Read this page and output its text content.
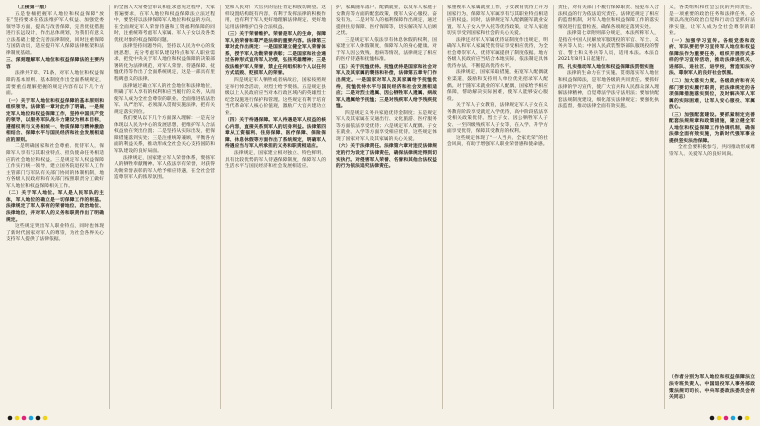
（上接第一版）

五是卷桶把握军人地位和权益保障“放在”坚持要求在依法维护军人权益、加强党委领导等方面，提高与改善保障，完善优抚措施进行长远设计，作出总体规划，为我们有意义立法基础上健全完善法律制度，同时注重保障与国防动员，适应提升军人保障法律框架和法律制度基础。

三、深刻理解军人地位和权益保障法的主要内容

法律共7章、71条，对军人地位和权益保障的基本原则、基本制度作出全面系统规定，需要重点理解把握的规定内容有以下几个方面。

（一）关于军人地位和权益保障的基本原则和组织领导。法律第一章对此作了明确。一是规定军人地位和权益保障工作，坚持中国共产党的领导，以服务军队战斗力建设为根本目标，遵循权利与义务相统一、物质保障与精神激励相结合、保障水平与国民经济和社会发展相适应的原则。

二是明确国家和社会尊重、优待军人，保障军人享有与其职业特点、担负使命任务相适应的社会地位和权益。三是规定军人权益保障工作实行统一领导，建立国务院退役军人工作主管部门与军队有关部门协同的体制机制，地方各级人民政府和有关部门按照职责分工做好军人地位和权益保障相关工作。

（二）关于军人地位。军人是人民军队的主体，军人地位的确立是一切保障工作的根基。法律规定了军人享有的荣誉地位、政治地位、法律地位，并对军人的义务和职责作出了明确规定。

这些规定突出军人职业特点，同时也体现了新时代国家对军人的尊崇，为社会各界关心支持军人提供了法律依据。

的全国人大常委会审议和征求意见过程中，大家普遍要求，在军人地位和权益保障法立法过程中，要坚持以法律保障军人地位和权益的方向，在全面规定军人荣誉待遇和工资福利保障的同时，注重统筹考虑军人家属、军人子女以及各类优抚对象的权益保障问题。

法律坚持问题导向，坚持以人民为中心的发展思想，充分考虑军队建设特点和军人职业需求，把党中央关于军人地位和权益保障的决策部署转化为法律规范，对军人荣誉、待遇保障、抚恤优待等作出了全面系统规定，这是一部具有里程碑意义的法律。

法律通过确立军人的社会地位和法律地位，明确了军人享有的权利和应当履行的义务，从而使军人成为全社会尊崇的职业。全面推进依法治军、从严治军，必须深入贯彻实施法律，把有关规定落实到位。

我们要从以下几个方面深入理解：一是充分体现以人民为中心的发展思想，把维护军人合法权益放在突出位置；二是坚持从实际出发，把保障措施落到实处；三是注重统筹兼顾，平衡各方面的利益关系，推动形成全社会关心支持国防和军队建设的良好局面。

法律规定，国家建立军人荣誉体系，褒扬军人的牺牲奉献精神。军人依法享有荣誉，对获得功勋荣誉表彰的军人给予相应待遇，在全社会营造尊崇军人的浓厚氛围。

党和人民对广大官兵的信任肯定和殷切期望。这样设置结构既有内容，有利于发挥法律的积极作用，也有利于军人更好地理解法律规定、更好地运用法律维护自身合法权益。

（三）关于荣誉维护。荣誉是军人的生命，保障军人的荣誉和尊严是法律的重要内容。法律第三章对此作出规定：一是国家建立健全军人荣誉体系，授予军人功勋荣誉表彰；二是国家和社会通过各种形式宣传军人功绩，弘扬英雄精神；三是依法维护军人荣誉，禁止任何组织和个人以任何方式诋毁、贬损军人的荣誉。

四是规定军人牺牲或者病故后，国家按照规定举行悼念活动，对烈士给予褒扬。五是规定县级以上人民政府应当对本行政区域内的英雄烈士纪念设施进行保护和管理。这些规定有利于培育当代革命军人核心价值观，激励广大官兵建功立业。

（四）关于待遇保障。军人待遇是军人权益的核心内容，直接关系到军人的切身利益。法律第四章从工资福利、住房保障、医疗保障、保险保障、休息休假等方面作出了系统规定，明确军人待遇应当与军人所承担的义务和职责相适应。

法律规定，国家建立相对独立、特色鲜明、具有比较优势的军人待遇保障制度，保障军人的生活水平与国民经济和社会发展相适应。

护，家属随军落户、配偶就业，以及军人家庭子女教育等方面的配套政策，使军人安心服役、奋发有为。二是对军人的福利保障作出规定，通过提供住房保障、医疗保障等，切实解决军人后顾之忧。

三是规定军人依法享有休息休假的权利，国家建立军人休假制度，保障军人的身心健康。对于军人因公致残、患病等情况，法律规定了相应的医疗待遇和抚恤标准。

（五）关于抚恤优待。抚恤优待是国家和社会对军人及其家属的褒扬和补偿，法律第五章专门作出规定。一是国家对军人及其家属给予抚恤优待，抚恤优待水平与国民经济和社会发展相适应；二是对烈士遗属、因公牺牲军人遗属、病故军人遗属给予抚恤；三是对残疾军人给予残疾抚恤。

四是规定义务兵家庭优待金制度；五是规定军人及其家属在交通出行、文化旅游、医疗服务等方面依法享受优待；六是规定军人配偶、子女在就业、入学等方面享受相应优待。这些规定体现了国家对军人及其家属的关心关爱。

（六）关于法律责任。法律第六章对违反法律规定的行为设定了法律责任，确保法律规定得到切实执行。对侵害军人荣誉、名誉和其他合法权益的行为依法追究法律责任。

家重视军人家属就业工作，子女教育优待上升为国家行为，保障军人军属享有与其职业特点相适应的权益。同时，法律规定军人配偶随军就业安置、军人子女入学入托等优待政策，让军人家庭切实享受到国家和社会的关心关爱。

法律还对军人军属优待证制度作出规定，明确军人和军人家属凭优待证享受相应优待，为全社会尊崇军人、优待军属提供了制度依据。地方各级人民政府应当结合本地实际，依法制定具体优待办法，不断提高优待水平。

法律规定，国家采取措施，拓宽军人配偶就业渠道，鼓励和支持用人单位优先招录军人配偶。对于随军未就业的军人配偶，国家给予相应保障，帮助解决实际困难，使军人能够安心服役。

关于军人子女教育，法律规定军人子女在义务教育阶段享受就近入学优待，高中阶段依法享受相关政策优待。烈士子女、因公牺牲军人子女、一至四级残疾军人子女等，在入学、升学方面享受优待，保障其受教育的权利。

这些规定体现了“一人当兵、全家光荣”的社会风尚，有助于增强军人职业荣誉感和使命感。

责任，对有关部门不履行保障职责、侵犯军人合法权益的行为依法追究责任。法律还规定了相应的监督机制，对军人地位和权益保障工作的落实情况进行监督检查，确保各项规定落到实处。

法律第七章附则部分规定，本法所称军人，是指在中国人民解放军服现役的军官、军士、义务兵等人员；中国人民武装警察部队服现役的警官、警士和义务兵等人员，适用本法。本法自2021年8月1日起施行。

四、扎实推动军人地位和权益保障法贯彻实施

法律的生命力在于实施。贯彻落实军人地位和权益保障法，是军地各级的共同责任。要抓好法律的学习宣传，使广大官兵和人民群众深入理解法律精神，自觉尊法学法守法用法；要加快配套法规制度建设，细化落实法律规定；要强化执法监督，推动法律全面有效实施。

义，各类组织和社会公民的共同责任。是一项重要的政治任务和法律任务，必须以高度的政治自觉和行动自觉抓好法律实施，让军人成为全社会尊崇的职业。

（一）加强学习宣传。各级党委和政府、军队要把学习宣传军人地位和权益保障法作为重要任务，组织开展形式多样的学习宣传活动，推动法律进机关、进部队、进社区、进学校，营造知法守法、尊崇军人的良好社会氛围。

（二）加大落实力度。各级政府和有关部门要切实履行职责，把法律规定的各项保障措施落实到位，及时解决军人军属的实际困难，让军人安心服役、军属放心。

（三）加强配套建设。要抓紧制定完善配套法规规章和政策措施，建立健全军人地位和权益保障工作协调机制，确保法律全面有效实施，为新时代强军事业提供坚实法治保障。

全社会要积极参与，共同推动形成尊崇军人、关爱军人的良好风尚。

（作者分别为军人地位和权益保障法立法专班负责人、中国退役军人事务部政策法规司司长、中央军委政法委员会有关同志）
